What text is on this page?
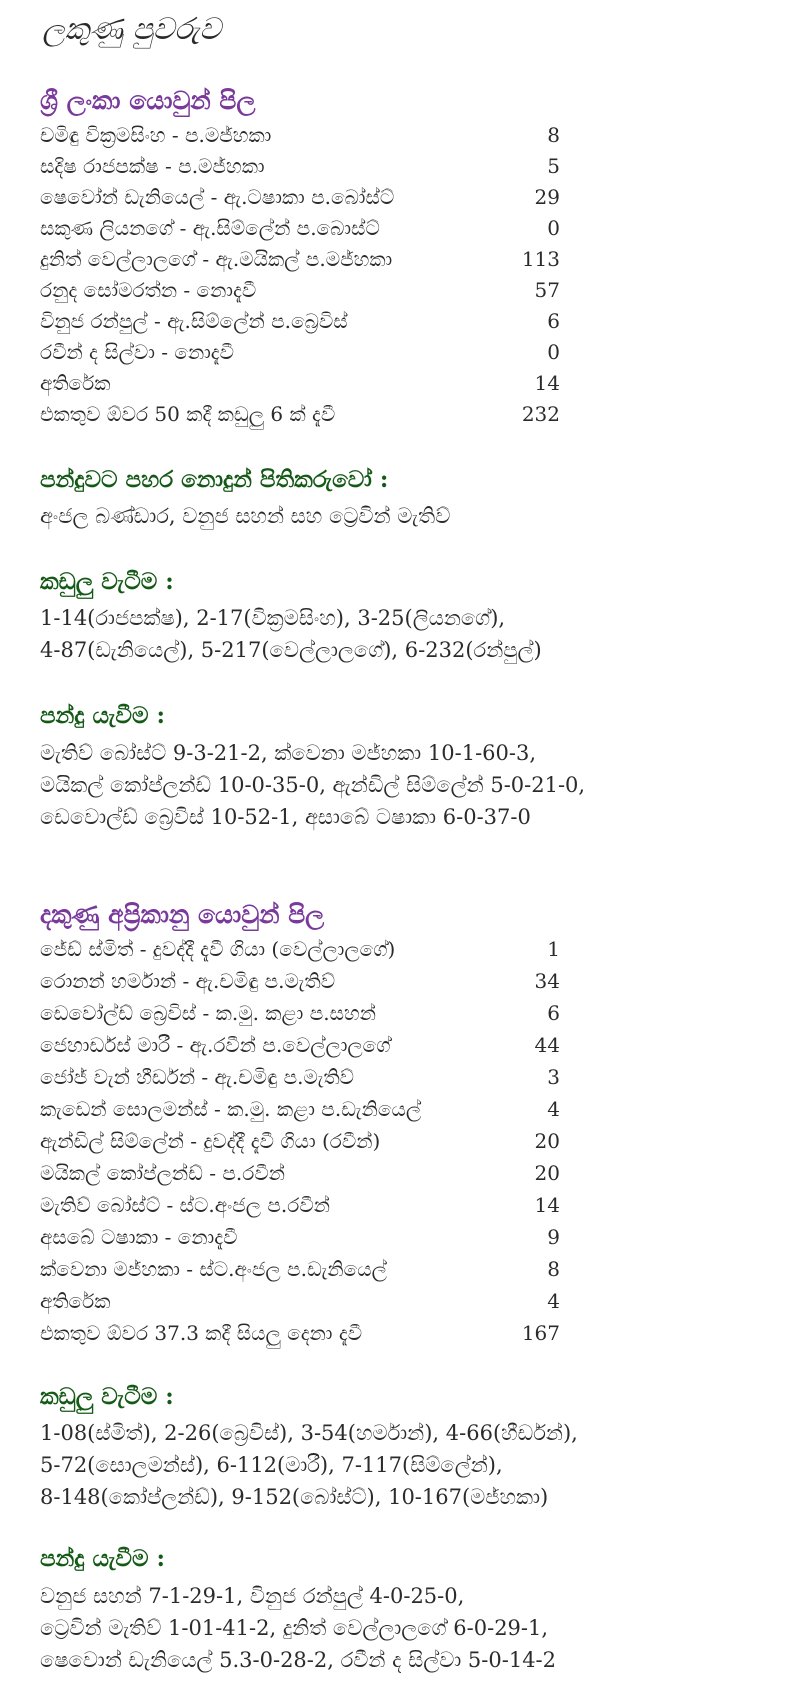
ලකුණු පුවරුව
ශ්‍රී ලංකා යොවුන් පිල
චමිඳු වික්‍රමසිංහ - ප.මජ්හකා	8
සදිෂ රාජපක්ෂ - ප.මජ්හකා	5
ෂෙවෝන් ඩැනියෙල් - ඇ.ටෂාකා ප.බෝස්ට්	29
සකුණ ලියනගේ - ඇ.සිම්ලේන් ප.බොස්ට්	0
දුනිත් වෙල්ලාලගේ - ඇ.මයිකල් ප.මජ්හකා	113
රනුද සෝමරත්න - නොදැවී	57
විනුජ රන්පුල් - ඇ.සිම්ලේන් ප.බ්‍රෙවිස්	6
රවීන් ද සිල්වා - නොදැවී	0
අතිරේක	14
එකතුව ඕවර 50 කදී කඩුලු 6 ක් දැවී	232
පන්දුවට පහර නොදුන් පිතිකරුවෝ :
අංජල බණ්ඩාර, වනුජ සහන් සහ ට්‍රෙවින් මැතිව්
කඩුලු වැටීම :
1-14(රාජපක්ෂ), 2-17(වික්‍රමසිංහ), 3-25(ලියනගේ),
4-87(ඩැනියෙල්), 5-217(වෙල්ලාලගේ), 6-232(රන්පුල්)
පන්දු යැවීම :
මැතිව් බෝස්ට් 9-3-21-2, ක්වෙනා මජ්හකා 10-1-60-3,
මයිකල් කෝප්ලන්ඩ් 10-0-35-0, ඇන්ඩිල් සිම්ලේන් 5-0-21-0,
ඩෙවොල්ඩ් බ්‍රෙවිස් 10-52-1, අසාබේ ටෂාකා 6-0-37-0
දකුණු අප්‍රිකානු යොවුන් පිල
ජේඩ් ස්මිත් - දුවද්දී දැවී ගියා (වෙල්ලාලගේ)	1
රොනන් හර්මාන් - ඇ.චමිඳු ප.මැතිව්	34
ඩෙවෝල්ඩ් බ්‍රෙවිස් - ක.මු. කළා ප.සහන්	6
ජෙහාර්ඩස් මාරී - ඇ.රවීන් ප.වෙල්ලාලගේ	44
ජෝජ් වැන් හීර්ඩන් - ඇ.චමිඳු ප.මැතිව්	3
කැඩෙන් සොලමන්ස් - ක.මු. කළා ප.ඩැනියෙල්	4
ඇන්ඩිල් සිම්ලේන් - දුවද්දී දැවී ගියා (රවීන්)	20
මයිකල් කෝප්ලන්ඩ් - ප.රවීන්	20
මැතිව් බෝස්ට් - ස්ට.අංජල ප.රවීන්	14
අසබේ ටෂාකා - නොදැවී	9
ක්වෙනා මජ්හකා - ස්ට.අංජල ප.ඩැනියෙල්	8
අතිරේක	4
එකතුව ඕවර 37.3 කදී සියලු දෙනා දැවී	167
කඩුලු වැටීම :
1-08(ස්මිත්), 2-26(බ්‍රෙවිස්), 3-54(හර්මාන්), 4-66(හීර්ඩන්),
5-72(සොලමන්ස්), 6-112(මාරී), 7-117(සිම්ලේන්),
8-148(කෝප්ලන්ඩ්), 9-152(බෝස්ට්), 10-167(මජ්හකා)
පන්දු යැවීම :
වනුජ සහන් 7-1-29-1, විනුජ රන්පුල් 4-0-25-0,
ට්‍රෙවින් මැතිව් 1-01-41-2, දුනිත් වෙල්ලාලගේ 6-0-29-1,
ෂෙවොන් ඩැනියෙල් 5.3-0-28-2, රවීන් ද සිල්වා 5-0-14-2
